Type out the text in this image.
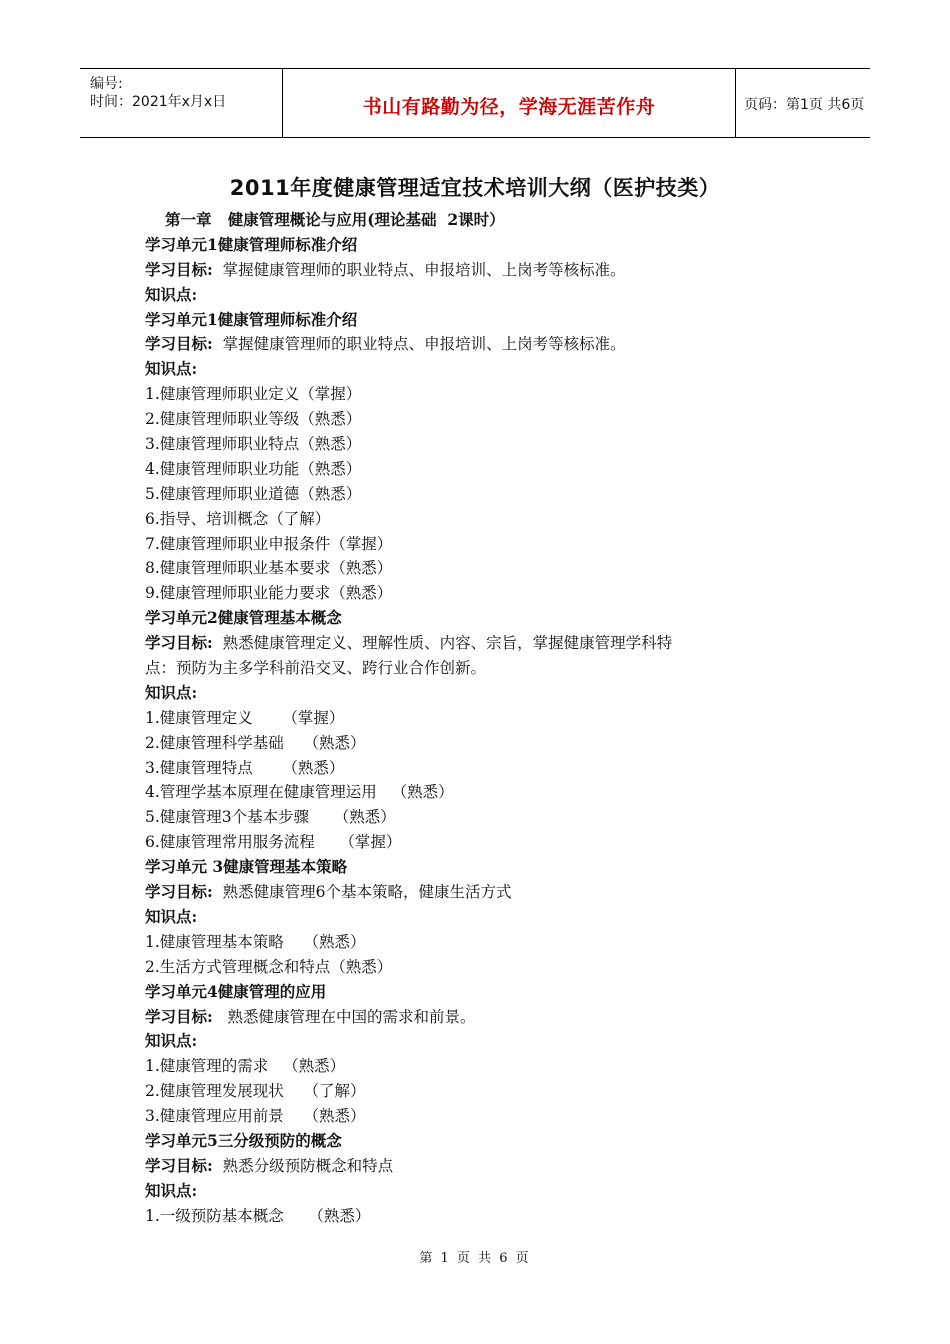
编号:
时间：2021年x月x日	书山有路勤为径，学海无涯苦作舟	页码：第1页 共6页
2011年度健康管理适宜技术培训大纲（医护技类）
第一章   健康管理概论与应用(理论基础  2课时）
学习单元1健康管理师标准介绍
学习目标:  掌握健康管理师的职业特点、申报培训、上岗考等核标准。
知识点:
学习单元1健康管理师标准介绍
学习目标:  掌握健康管理师的职业特点、申报培训、上岗考等核标准。
知识点:
1.健康管理师职业定义（掌握）
2.健康管理师职业等级（熟悉）
3.健康管理师职业特点（熟悉）
4.健康管理师职业功能（熟悉）
5.健康管理师职业道德（熟悉）
6.指导、培训概念（了解）
7.健康管理师职业申报条件（掌握）
8.健康管理师职业基本要求（熟悉）
9.健康管理师职业能力要求（熟悉）
学习单元2健康管理基本概念
学习目标:  熟悉健康管理定义、理解性质、内容、宗旨，掌握健康管理学科特
点：预防为主多学科前沿交叉、跨行业合作创新。
知识点:
1.健康管理定义      （掌握）
2.健康管理科学基础    （熟悉）
3.健康管理特点      （熟悉）
4.管理学基本原理在健康管理运用   （熟悉）
5.健康管理3个基本步骤     （熟悉）
6.健康管理常用服务流程     （掌握）
学习单元 3健康管理基本策略
学习目标:  熟悉健康管理6个基本策略，健康生活方式
知识点:
1.健康管理基本策略    （熟悉）
2.生活方式管理概念和特点（熟悉）
学习单元4健康管理的应用
学习目标:   熟悉健康管理在中国的需求和前景。
知识点:
1.健康管理的需求   （熟悉）
2.健康管理发展现状    （了解）
3.健康管理应用前景    （熟悉）
学习单元5三分级预防的概念
学习目标:  熟悉分级预防概念和特点
知识点:
1.一级预防基本概念     （熟悉）
第 1 页 共 6 页
